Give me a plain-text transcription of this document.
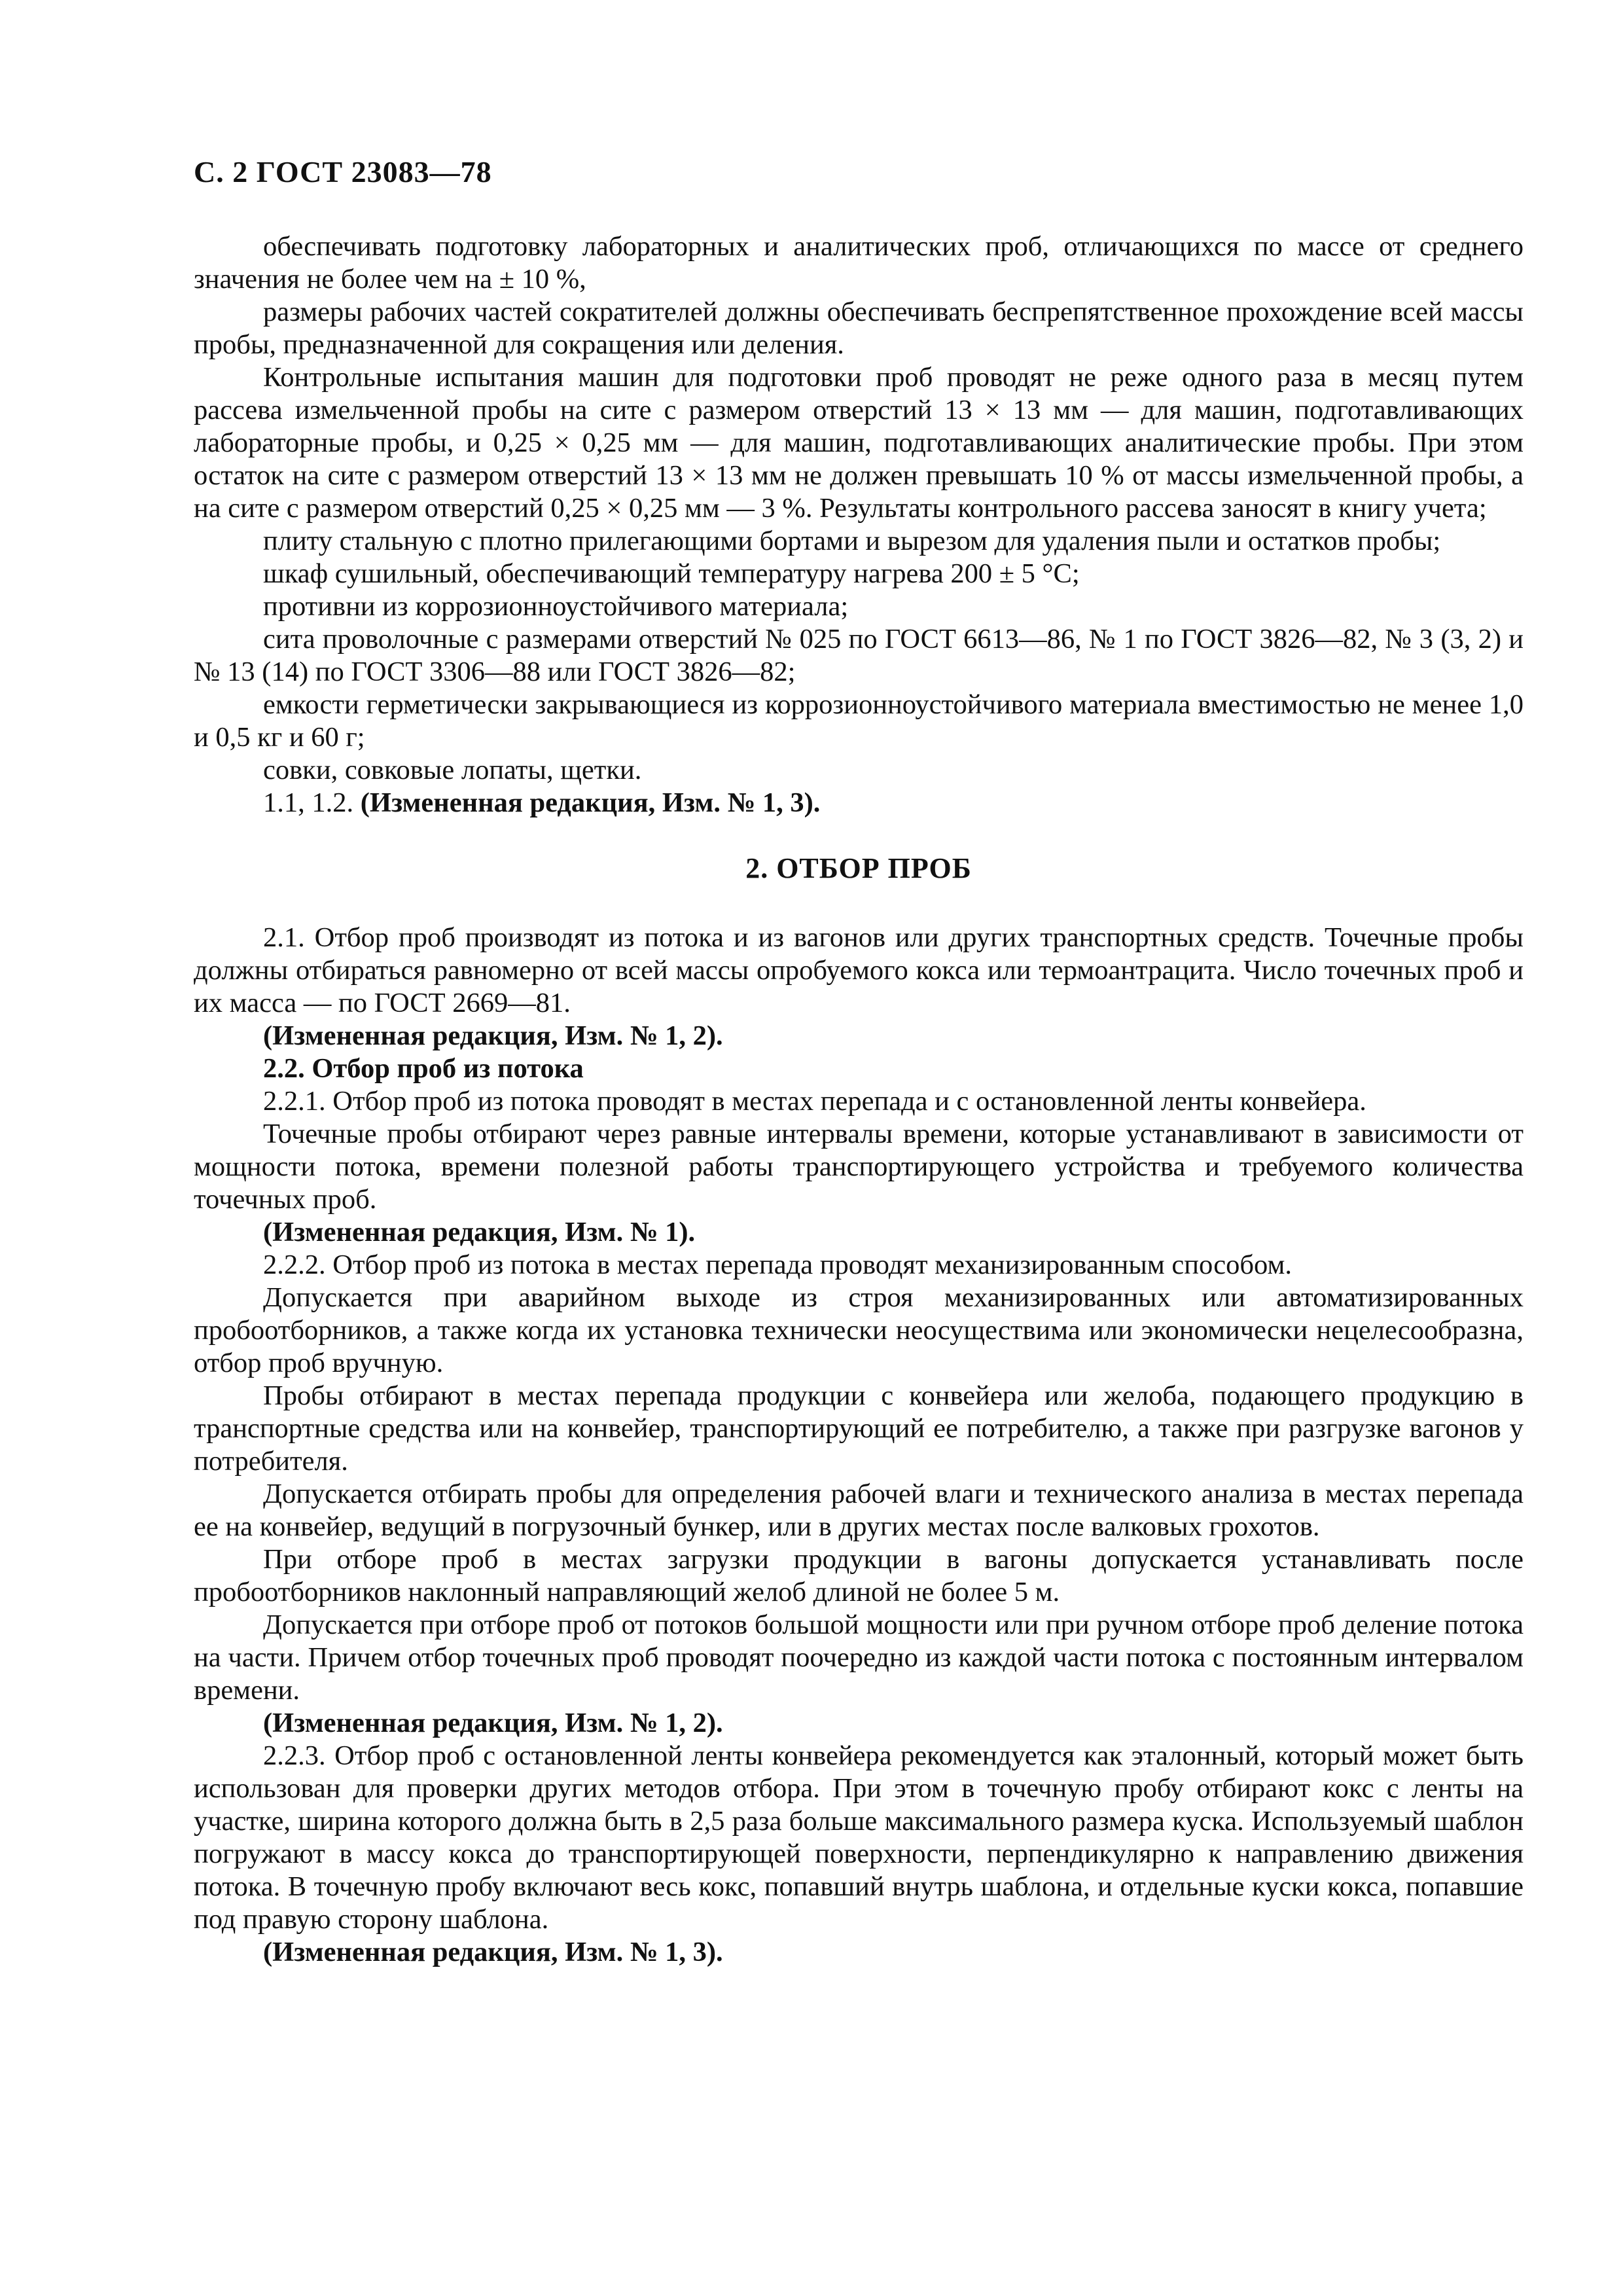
С. 2 ГОСТ 23083—78

обеспечивать подготовку лабораторных и аналитических проб, отличающихся по массе от среднего значения не более чем на ± 10 %,

размеры рабочих частей сократителей должны обеспечивать беспрепятственное прохождение всей массы пробы, предназначенной для сокращения или деления.

Контрольные испытания машин для подготовки проб проводят не реже одного раза в месяц путем рассева измельченной пробы на сите с размером отверстий 13 × 13 мм — для машин, подготавливающих лабораторные пробы, и 0,25 × 0,25 мм — для машин, подготавливающих аналитические пробы. При этом остаток на сите с размером отверстий 13 × 13 мм не должен превышать 10 % от массы измельченной пробы, а на сите с размером отверстий 0,25 × 0,25 мм — 3 %. Результаты контрольного рассева заносят в книгу учета;

плиту стальную с плотно прилегающими бортами и вырезом для удаления пыли и остатков пробы;

шкаф сушильный, обеспечивающий температуру нагрева 200 ± 5 °С;

противни из коррозионноустойчивого материала;

сита проволочные с размерами отверстий № 025 по ГОСТ 6613—86, № 1 по ГОСТ 3826—82, № 3 (3, 2) и № 13 (14) по ГОСТ 3306—88 или ГОСТ 3826—82;

емкости герметически закрывающиеся из коррозионноустойчивого материала вместимостью не менее 1,0 и 0,5 кг и 60 г;

совки, совковые лопаты, щетки.

1.1, 1.2. (Измененная редакция, Изм. № 1, 3).

2. ОТБОР ПРОБ

2.1. Отбор проб производят из потока и из вагонов или других транспортных средств. Точечные пробы должны отбираться равномерно от всей массы опробуемого кокса или термоантрацита. Число точечных проб и их масса — по ГОСТ 2669—81.

(Измененная редакция, Изм. № 1, 2).

2.2. Отбор проб из потока

2.2.1. Отбор проб из потока проводят в местах перепада и с остановленной ленты конвейера.

Точечные пробы отбирают через равные интервалы времени, которые устанавливают в зависимости от мощности потока, времени полезной работы транспортирующего устройства и требуемого количества точечных проб.

(Измененная редакция, Изм. № 1).

2.2.2. Отбор проб из потока в местах перепада проводят механизированным способом.

Допускается при аварийном выходе из строя механизированных или автоматизированных пробоотборников, а также когда их установка технически неосуществима или экономически нецелесообразна, отбор проб вручную.

Пробы отбирают в местах перепада продукции с конвейера или желоба, подающего продукцию в транспортные средства или на конвейер, транспортирующий ее потребителю, а также при разгрузке вагонов у потребителя.

Допускается отбирать пробы для определения рабочей влаги и технического анализа в местах перепада ее на конвейер, ведущий в погрузочный бункер, или в других местах после валковых грохотов.

При отборе проб в местах загрузки продукции в вагоны допускается устанавливать после пробоотборников наклонный направляющий желоб длиной не более 5 м.

Допускается при отборе проб от потоков большой мощности или при ручном отборе проб деление потока на части. Причем отбор точечных проб проводят поочередно из каждой части потока с постоянным интервалом времени.

(Измененная редакция, Изм. № 1, 2).

2.2.3. Отбор проб с остановленной ленты конвейера рекомендуется как эталонный, который может быть использован для проверки других методов отбора. При этом в точечную пробу отбирают кокс с ленты на участке, ширина которого должна быть в 2,5 раза больше максимального размера куска. Используемый шаблон погружают в массу кокса до транспортирующей поверхности, перпендикулярно к направлению движения потока. В точечную пробу включают весь кокс, попавший внутрь шаблона, и отдельные куски кокса, попавшие под правую сторону шаблона.

(Измененная редакция, Изм. № 1, 3).
